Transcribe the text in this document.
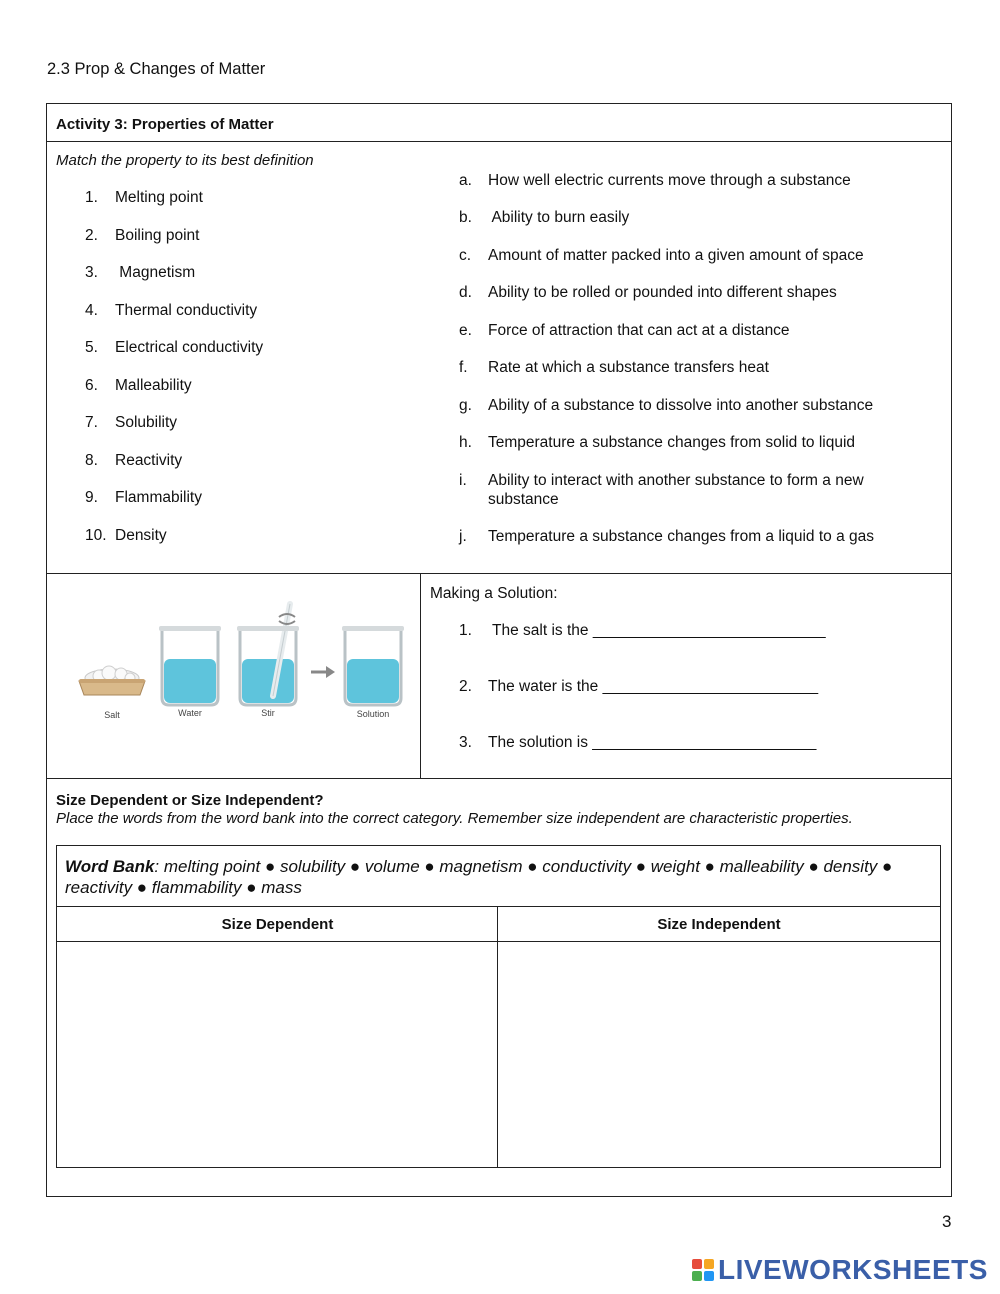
2.3 Prop & Changes of Matter
Activity 3: Properties of Matter
Match the property to its best definition
1. Melting point
2. Boiling point
3. Magnetism
4. Thermal conductivity
5. Electrical conductivity
6. Malleability
7. Solubility
8. Reactivity
9. Flammability
10. Density
a.	How well electric currents move through a substance
b.	Ability to burn easily
c.	Amount of matter packed into a given amount of space
d.	Ability to be rolled or pounded into different shapes
e.	Force of attraction that can act at a distance
f.	Rate at which a substance transfers heat
g.	Ability of a substance to dissolve into another substance
h.	Temperature a substance changes from solid to liquid
i.	Ability to interact with another substance to form a new substance
j.	Temperature a substance changes from a liquid to a gas
Salt	Water	Stir	Solution
Making a Solution:
1. The salt is the ___________________________
2. The water is the _________________________
3. The solution is __________________________
Size Dependent or Size Independent?
Place the words from the word bank into the correct category. Remember size independent are characteristic properties.
Word Bank: melting point ● solubility ● volume ● magnetism ● conductivity ● weight ● malleability ● density ● reactivity ● flammability ● mass
Size Dependent	Size Independent
3
LIVEWORKSHEETS
